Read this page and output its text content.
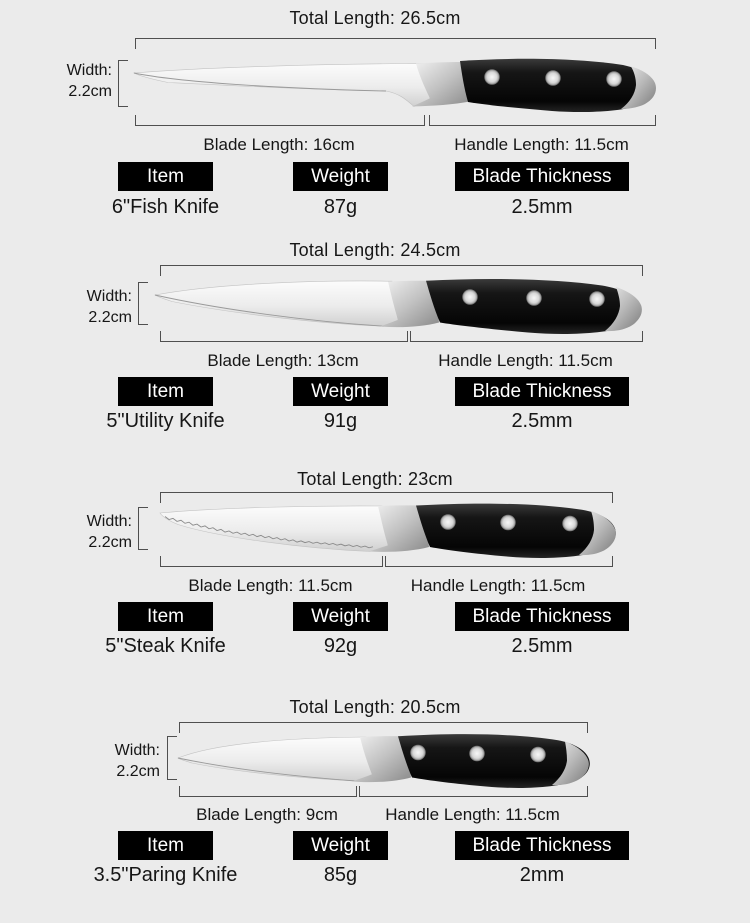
Total Length: 26.5cm
Width:
2.2cm
Blade Length: 16cm	Handle Length: 11.5cm
Item	Weight	Blade Thickness
6"Fish Knife	87g	2.5mm
Total Length: 24.5cm
Width:
2.2cm
Blade Length: 13cm	Handle Length: 11.5cm
Item	Weight	Blade Thickness
5"Utility Knife	91g	2.5mm
Total Length: 23cm
Width:
2.2cm
Blade Length: 11.5cm	Handle Length: 11.5cm
Item	Weight	Blade Thickness
5"Steak Knife	92g	2.5mm
Total Length: 20.5cm
Width:
2.2cm
Blade Length: 9cm	Handle Length: 11.5cm
Item	Weight	Blade Thickness
3.5"Paring Knife	85g	2mm
